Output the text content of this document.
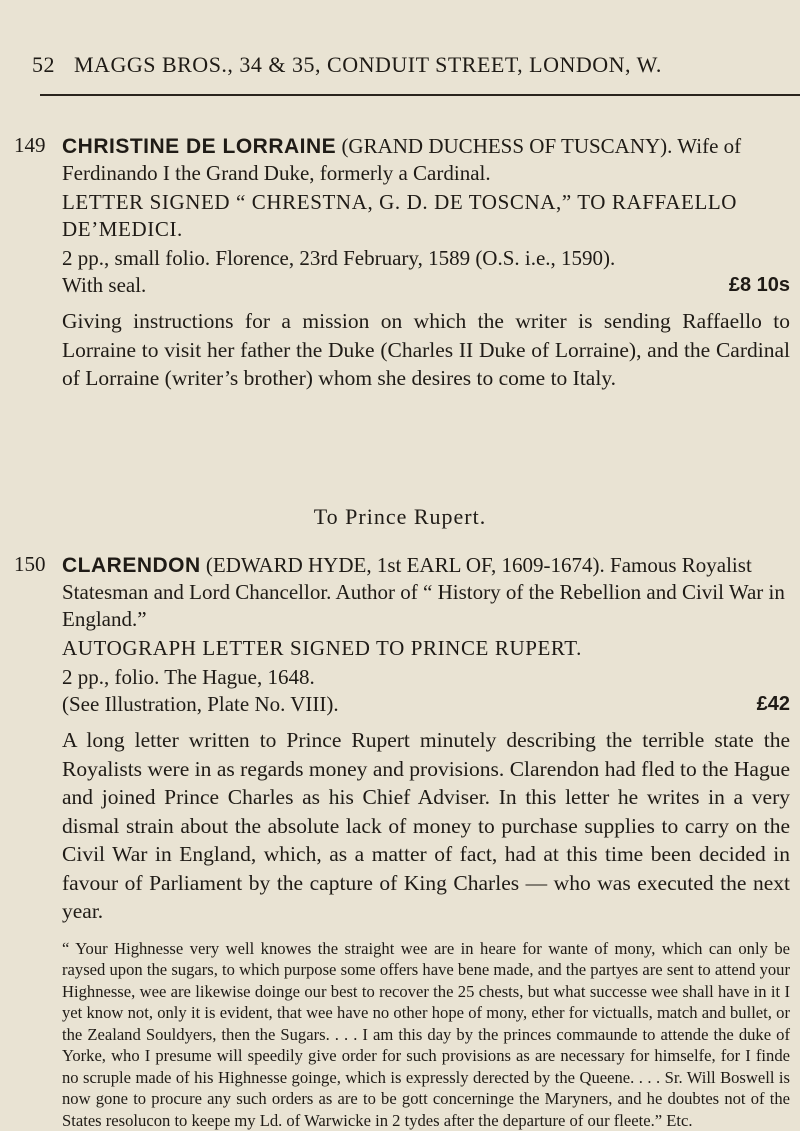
52 MAGGS BROS., 34 & 35, CONDUIT STREET, LONDON, W.
149 CHRISTINE DE LORRAINE (GRAND DUCHESS OF TUSCANY). Wife of Ferdinando I the Grand Duke, formerly a Cardinal.

LETTER SIGNED “ CHRESTNA, G. D. DE TOSCNA,” TO RAFFAELLO DE’MEDICI.

2 pp., small folio. Florence, 23rd February, 1589 (O.S. i.e., 1590).

With seal.	£8 10s

Giving instructions for a mission on which the writer is sending Raffaello to Lorraine to visit her father the Duke (Charles II Duke of Lorraine), and the Cardinal of Lorraine (writer’s brother) whom she desires to come to Italy.

To Prince Rupert.
150 CLARENDON (EDWARD HYDE, 1st EARL OF, 1609-1674). Famous Royalist Statesman and Lord Chancellor. Author of “ History of the Rebellion and Civil War in England.”

AUTOGRAPH LETTER SIGNED TO PRINCE RUPERT.

2 pp., folio. The Hague, 1648.

(See Illustration, Plate No. VIII).	£42

A long letter written to Prince Rupert minutely describing the terrible state the Royalists were in as regards money and provisions. Clarendon had fled to the Hague and joined Prince Charles as his Chief Adviser. In this letter he writes in a very dismal strain about the absolute lack of money to purchase supplies to carry on the Civil War in England, which, as a matter of fact, had at this time been decided in favour of Parliament by the capture of King Charles — who was executed the next year.

“ Your Highnesse very well knowes the straight wee are in heare for wante of mony, which can only be raysed upon the sugars, to which purpose some offers have bene made, and the partyes are sent to attend your Highnesse, wee are likewise doinge our best to recover the 25 chests, but what successe wee shall have in it I yet know not, only it is evident, that wee have no other hope of mony, ether for victualls, match and bullet, or the Zealand Souldyers, then the Sugars. . . . I am this day by the princes commaunde to attende the duke of Yorke, who I presume will speedily give order for such provisions as are necessary for himselfe, for I finde no scruple made of his Highnesse goinge, which is expressly derected by the Queene. . . . Sr. Will Boswell is now gone to procure any such orders as are to be gott concerninge the Maryners, and he doubtes not of the States resolucon to keepe my Ld. of Warwicke in 2 tydes after the departure of our fleete.” Etc.
